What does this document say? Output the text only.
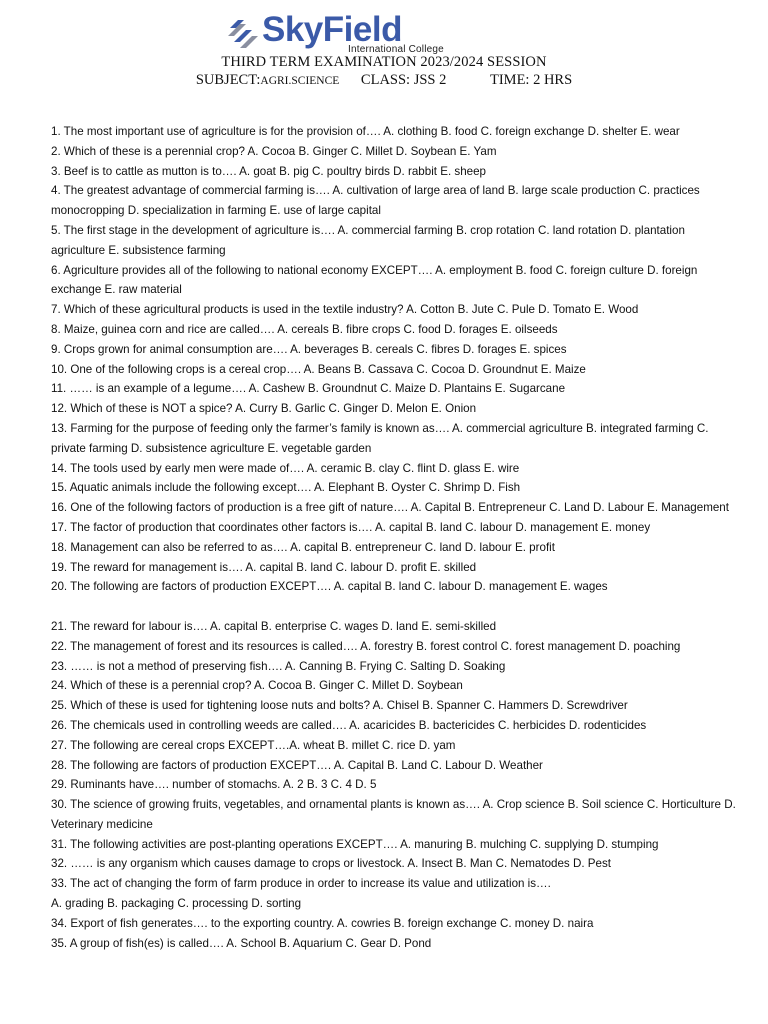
SkyField
International College
THIRD TERM EXAMINATION 2023/2024 SESSION
SUBJECT:AGRI.SCIENCE CLASS: JSS 2	TIME: 2 HRS

1. The most important use of agriculture is for the provision of…. A. clothing B. food C. foreign exchange D. shelter E. wear

2. Which of these is a perennial crop? A. Cocoa B. Ginger C. Millet D. Soybean E. Yam

3. Beef is to cattle as mutton is to…. A. goat B. pig C. poultry birds D. rabbit E. sheep

4. The greatest advantage of commercial farming is…. A. cultivation of large area of land B. large scale production C. practices monocropping D. specialization in farming E. use of large capital

5. The first stage in the development of agriculture is…. A. commercial farming B. crop rotation C. land rotation D. plantation agriculture E. subsistence farming

6. Agriculture provides all of the following to national economy EXCEPT…. A. employment B. food C. foreign culture D. foreign exchange E. raw material

7. Which of these agricultural products is used in the textile industry? A. Cotton B. Jute C. Pule D. Tomato E. Wood

8. Maize, guinea corn and rice are called…. A. cereals B. fibre crops C. food D. forages E. oilseeds

9. Crops grown for animal consumption are…. A. beverages B. cereals C. fibres D. forages E. spices

10. One of the following crops is a cereal crop…. A. Beans B. Cassava C. Cocoa D. Groundnut E. Maize

11. …… is an example of a legume…. A. Cashew B. Groundnut C. Maize D. Plantains E. Sugarcane

12. Which of these is NOT a spice? A. Curry B. Garlic C. Ginger D. Melon E. Onion

13. Farming for the purpose of feeding only the farmer’s family is known as…. A. commercial agriculture B. integrated farming C. private farming D. subsistence agriculture E. vegetable garden

14. The tools used by early men were made of…. A. ceramic B. clay C. flint D. glass E. wire

15. Aquatic animals include the following except…. A. Elephant B. Oyster C. Shrimp D. Fish

16. One of the following factors of production is a free gift of nature…. A. Capital B. Entrepreneur C. Land D. Labour E. Management

17. The factor of production that coordinates other factors is…. A. capital B. land C. labour D. management E. money

18. Management can also be referred to as…. A. capital B. entrepreneur C. land D. labour E. profit

19. The reward for management is…. A. capital B. land C. labour D. profit E. skilled

20. The following are factors of production EXCEPT…. A. capital B. land C. labour D. management E. wages

21. The reward for labour is…. A. capital B. enterprise C. wages D. land E. semi-skilled

22. The management of forest and its resources is called…. A. forestry B. forest control C. forest management D. poaching

23. …… is not a method of preserving fish…. A. Canning B. Frying C. Salting D. Soaking

24. Which of these is a perennial crop? A. Cocoa B. Ginger C. Millet D. Soybean

25. Which of these is used for tightening loose nuts and bolts? A. Chisel B. Spanner C. Hammers D. Screwdriver

26. The chemicals used in controlling weeds are called…. A. acaricides B. bactericides C. herbicides D. rodenticides

27. The following are cereal crops EXCEPT….A. wheat B. millet C. rice D. yam

28. The following are factors of production EXCEPT…. A. Capital B. Land C. Labour D. Weather

29. Ruminants have…. number of stomachs. A. 2 B. 3 C. 4 D. 5

30. The science of growing fruits, vegetables, and ornamental plants is known as…. A. Crop science B. Soil science C. Horticulture D. Veterinary medicine

31. The following activities are post-planting operations EXCEPT…. A. manuring B. mulching C. supplying D. stumping

32. …… is any organism which causes damage to crops or livestock. A. Insect B. Man C. Nematodes D. Pest

33. The act of changing the form of farm produce in order to increase its value and utilization is….

A. grading B. packaging C. processing D. sorting

34. Export of fish generates…. to the exporting country. A. cowries B. foreign exchange C. money D. naira

35. A group of fish(es) is called…. A. School B. Aquarium C. Gear D. Pond
